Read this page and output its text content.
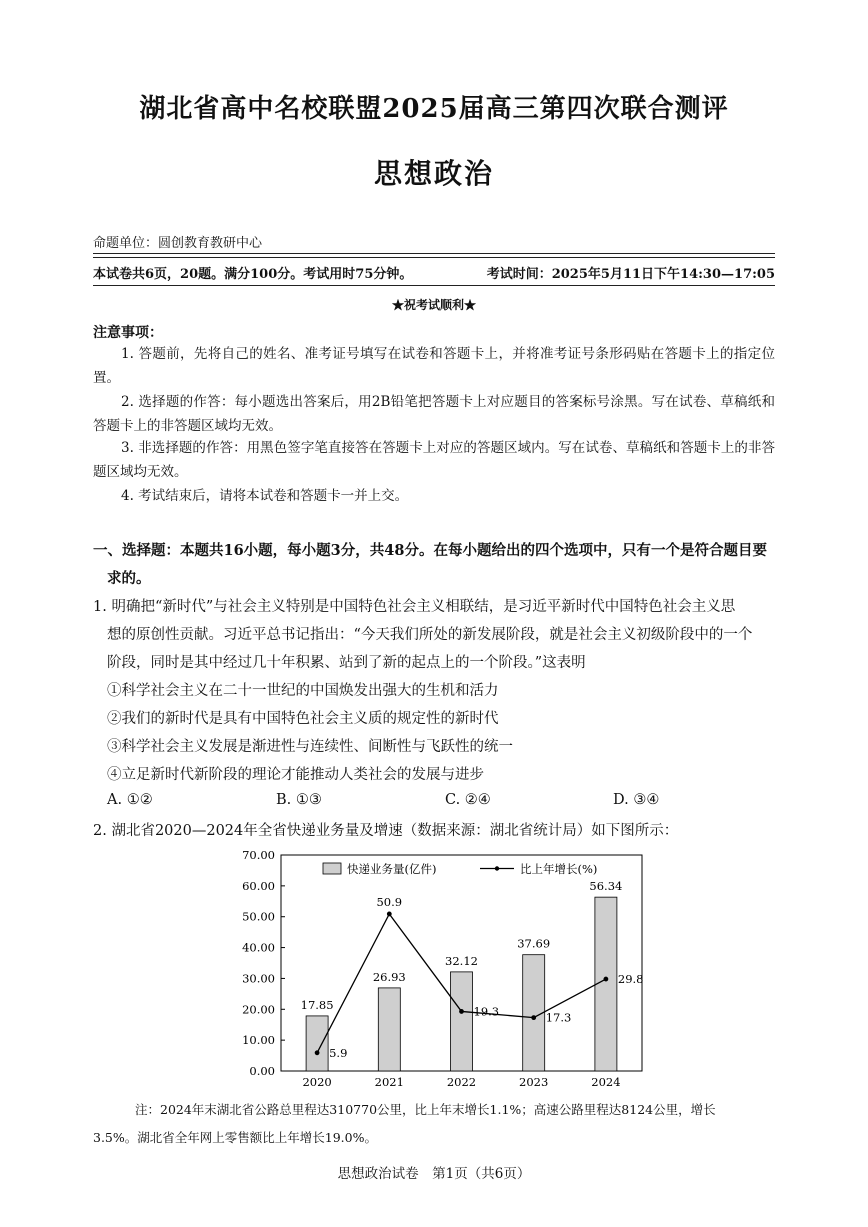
湖北省高中名校联盟2025届高三第四次联合测评
思想政治
命题单位：圆创教育教研中心
本试卷共6页，20题。满分100分。考试用时75分钟。	考试时间：2025年5月11日下午14:30—17:05
★祝考试顺利★
注意事项：
1. 答题前，先将自己的姓名、准考证号填写在试卷和答题卡上，并将准考证号条形码贴在答题卡上的指定位置。
2. 选择题的作答：每小题选出答案后，用2B铅笔把答题卡上对应题目的答案标号涂黑。写在试卷、草稿纸和答题卡上的非答题区域均无效。
3. 非选择题的作答：用黑色签字笔直接答在答题卡上对应的答题区域内。写在试卷、草稿纸和答题卡上的非答题区域均无效。
4. 考试结束后，请将本试卷和答题卡一并上交。
一、选择题：本题共16小题，每小题3分，共48分。在每小题给出的四个选项中，只有一个是符合题目要
求的。
1. 明确把“新时代”与社会主义特别是中国特色社会主义相联结，是习近平新时代中国特色社会主义思
想的原创性贡献。习近平总书记指出：“今天我们所处的新发展阶段，就是社会主义初级阶段中的一个
阶段，同时是其中经过几十年积累、站到了新的起点上的一个阶段。”这表明
①科学社会主义在二十一世纪的中国焕发出强大的生机和活力
②我们的新时代是具有中国特色社会主义质的规定性的新时代
③科学社会主义发展是渐进性与连续性、间断性与飞跃性的统一
④立足新时代新阶段的理论才能推动人类社会的发展与进步
A. ①②	B. ①③	C. ②④	D. ③④
2. 湖北省2020—2024年全省快递业务量及增速（数据来源：湖北省统计局）如下图所示：
0.00
10.00
20.00
30.00
40.00
50.00
60.00
70.00
17.85
26.93
32.12
37.69
56.34
5.9
50.9
19.3	17.3
29.8
2020	2021	2022	2023	2024
快递业务量(亿件)	比上年增长(%)
注：2024年末湖北省公路总里程达310770公里，比上年末增长1.1%；高速公路里程达8124公里，增长
3.5%。湖北省全年网上零售额比上年增长19.0%。
思想政治试卷　第1页（共6页）
